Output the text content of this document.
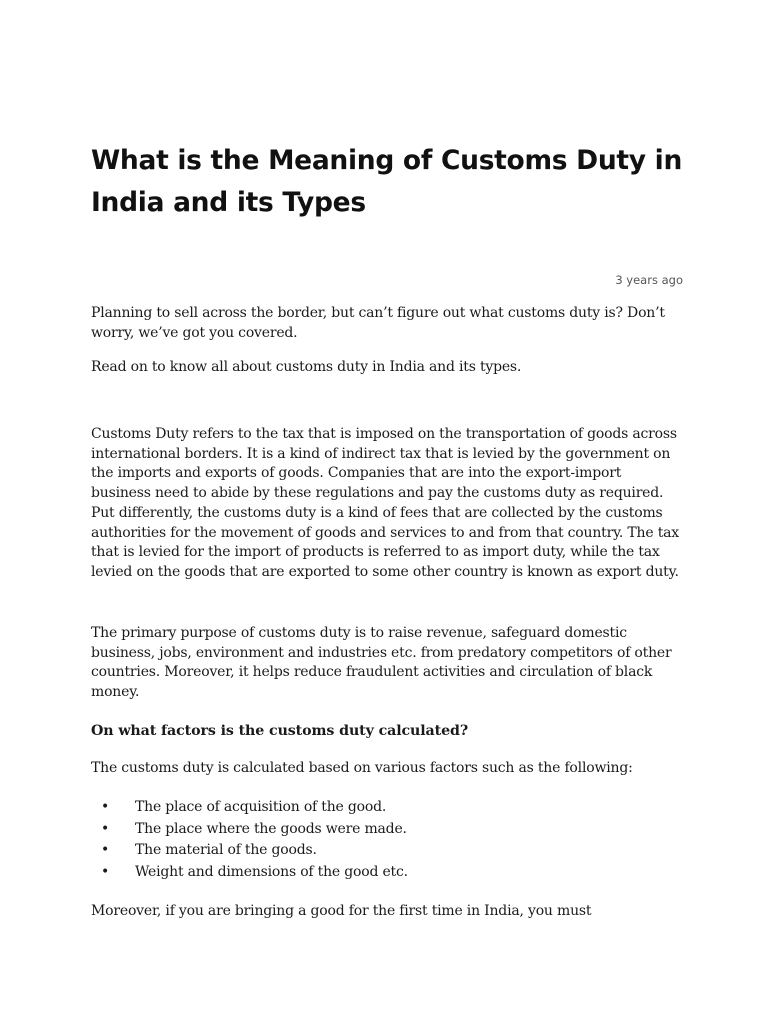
What is the Meaning of Customs Duty in India and its Types
3 years ago

Planning to sell across the border, but can’t figure out what customs duty is? Don’t worry, we’ve got you covered.

Read on to know all about customs duty in India and its types.

Customs Duty refers to the tax that is imposed on the transportation of goods across international borders. It is a kind of indirect tax that is levied by the government on the imports and exports of goods. Companies that are into the export-import business need to abide by these regulations and pay the customs duty as required. Put differently, the customs duty is a kind of fees that are collected by the customs authorities for the movement of goods and services to and from that country. The tax that is levied for the import of products is referred to as import duty, while the tax levied on the goods that are exported to some other country is known as export duty.

The primary purpose of customs duty is to raise revenue, safeguard domestic business, jobs, environment and industries etc. from predatory competitors of other countries. Moreover, it helps reduce fraudulent activities and circulation of black money.

On what factors is the customs duty calculated?

The customs duty is calculated based on various factors such as the following:

• The place of acquisition of the good.
• The place where the goods were made.
• The material of the goods.
• Weight and dimensions of the good etc.

Moreover, if you are bringing a good for the first time in India, you must
